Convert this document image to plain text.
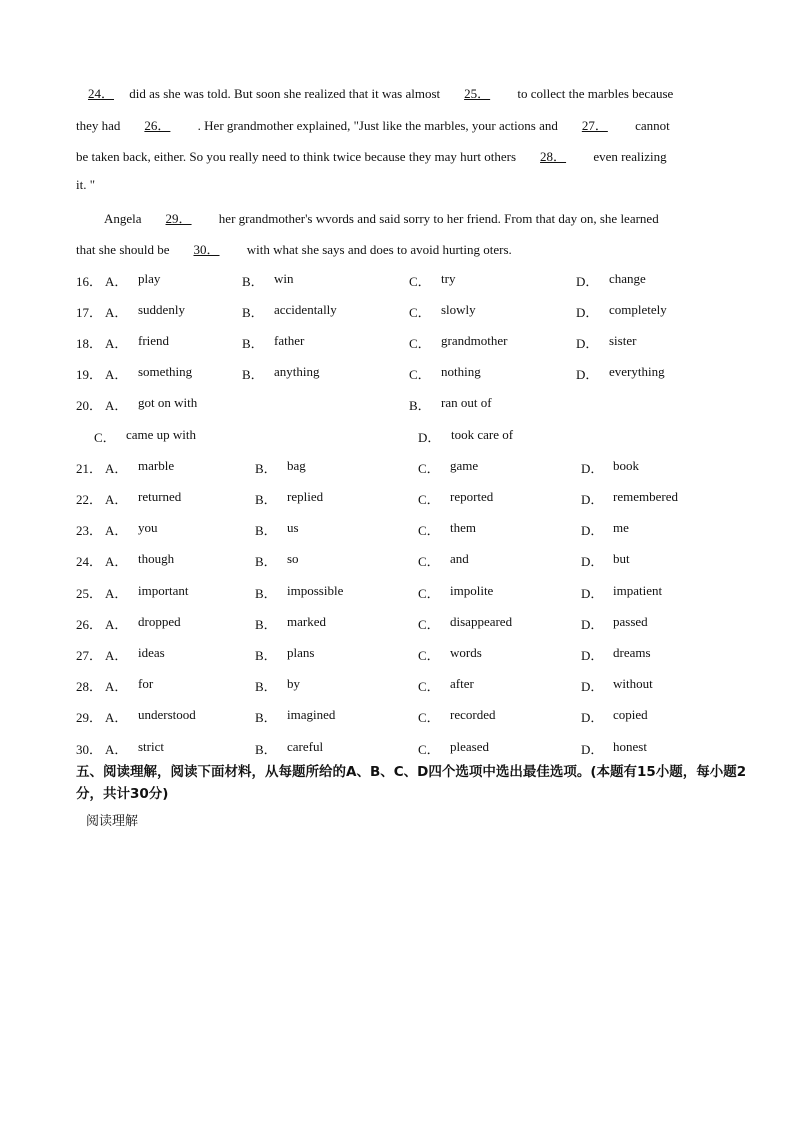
24． did as she was told. But soon she realized that it was almost 25． to collect the marbles because
they had 26． . Her grandmother explained, "Just like the marbles, your actions and 27． cannot
be taken back, either. So you really need to think twice because they may hurt others 28． even realizing
it. "
Angela 29． her grandmother's wvords and said sorry to her friend. From that day on, she learned
that she should be 30． with what she says and does to avoid hurting oters.
16． A． play	B． win	C． try	D． change
17． A． suddenly	B． accidentally	C． slowly	D． completely
18． A． friend	B． father	C． grandmother	D． sister
19． A． something	B． anything	C． nothing	D． everything
20． A． got on with	B． ran out of
C． came up with	D． took care of
21． A． marble	B． bag	C． game	D． book
22． A． returned	B． replied	C． reported	D． remembered
23． A． you	B． us	C． them	D． me
24． A． though	B． so	C． and	D． but
25． A． important	B． impossible	C． impolite	D． impatient
26． A． dropped	B． marked	C． disappeared	D． passed
27． A． ideas	B． plans	C． words	D． dreams
28． A． for	B． by	C． after	D． without
29． A． understood	B． imagined	C． recorded	D． copied
30． A． strict	B． careful	C． pleased	D． honest
五、阅读理解，阅读下面材料，从每题所给的A、B、C、D四个选项中选出最佳选项。(本题有15小题，每小题2分，共计30分)
阅读理解
